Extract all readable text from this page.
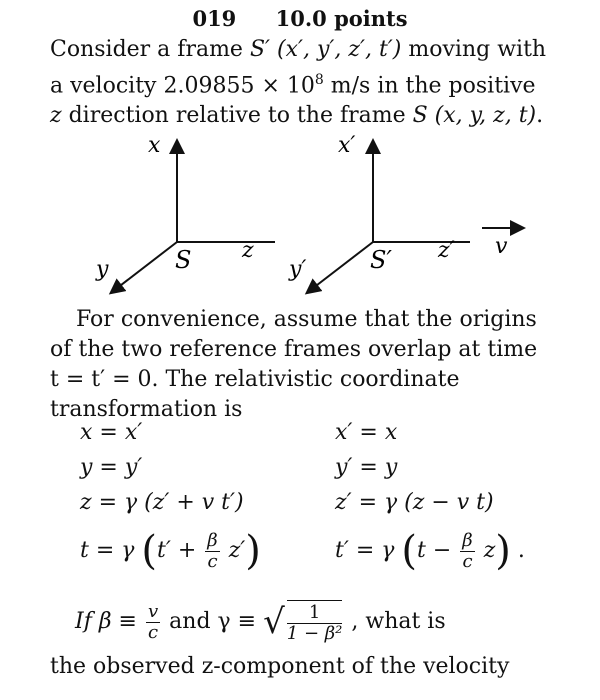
019 10.0 points
Consider a frame S′ (x′, y′, z′, t′) moving with a velocity $2.09855 \times 10^8$ m/s in the positive z direction relative to the frame S (x, y, z, t).
x
z
y	S
x′
z′
y′	S′	v
For convenience, assume that the origins of the two reference frames overlap at time t = t′ = 0. The relativistic coordinate transformation is
x = x′	x′ = x
y = y′	y′ = y
z = γ (z′ + v t′)	z′ = γ (z − v t)
t = γ $(t' + \frac{\beta}{c} z')$	t′ = γ $(t - \frac{\beta}{c} z)$ .
If $\beta \equiv \frac{v}{c}$ and γ ≡ √ $\frac{1}{\text{1 − β²}}$ , what is
the observed z-component of the velocity
